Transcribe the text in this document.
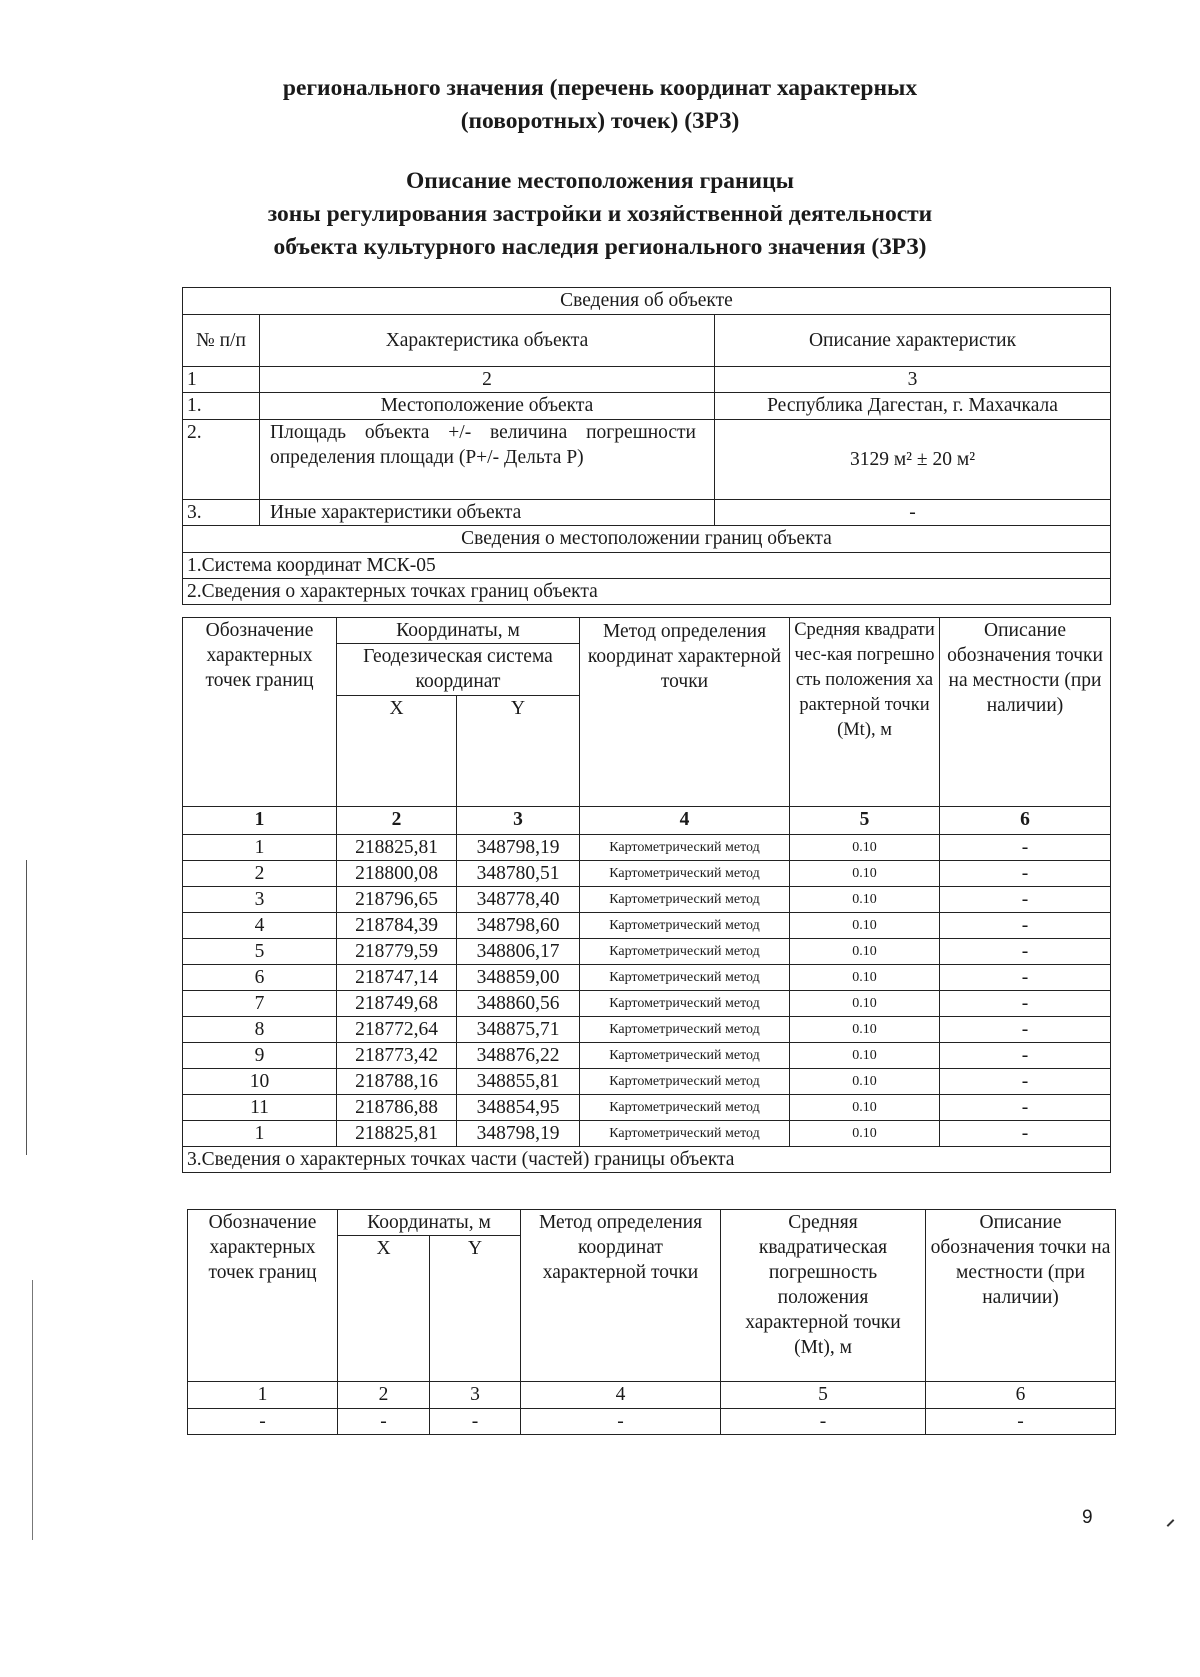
регионального значения (перечень координат характерных
(поворотных) точек) (ЗРЗ)
Описание местоположения границы
зоны регулирования застройки и хозяйственной деятельности
объекта культурного наследия регионального значения (ЗРЗ)
Сведения об объекте		
№ п/п	Характеристика объекта	Описание характеристик
1	2	3
1.	Местоположение объекта	Республика Дагестан, г. Махачкала
2.	Площадь объекта +/- величина погрешности определения площади (P+/- Дельта P)	3129 м² ± 20 м²
3.	Иные характеристики объекта	-
Сведения о местоположении границ объекта		
1.Система координат МСК-05		
2.Сведения о характерных точках границ объекта		
Обозначение характерных точек границ	Координаты, м		Метод определения координат характерной точки	Средняя квадратичес-кая погрешность положения характерной точки (Mt), м	Описание обозначения точки на местности (при наличии)
	Геодезическая система координат				
	X	Y			
1	2	3	4	5	6
1	218825,81	348798,19	Картометрический метод	0.10	-
2	218800,08	348780,51	Картометрический метод	0.10	-
3	218796,65	348778,40	Картометрический метод	0.10	-
4	218784,39	348798,60	Картометрический метод	0.10	-
5	218779,59	348806,17	Картометрический метод	0.10	-
6	218747,14	348859,00	Картометрический метод	0.10	-
7	218749,68	348860,56	Картометрический метод	0.10	-
8	218772,64	348875,71	Картометрический метод	0.10	-
9	218773,42	348876,22	Картометрический метод	0.10	-
10	218788,16	348855,81	Картометрический метод	0.10	-
11	218786,88	348854,95	Картометрический метод	0.10	-
1	218825,81	348798,19	Картометрический метод	0.10	-
3.Сведения о характерных точках части (частей) границы объекта					
Обозначение характерных точек границ	Координаты, м		Метод определения координат характерной точки	Средняя квадратическая погрешность положения характерной точки (Mt), м	Описание обозначения точки на местности (при наличии)
	X	Y			
1	2	3	4	5	6
-	-	-	-	-	-
9
